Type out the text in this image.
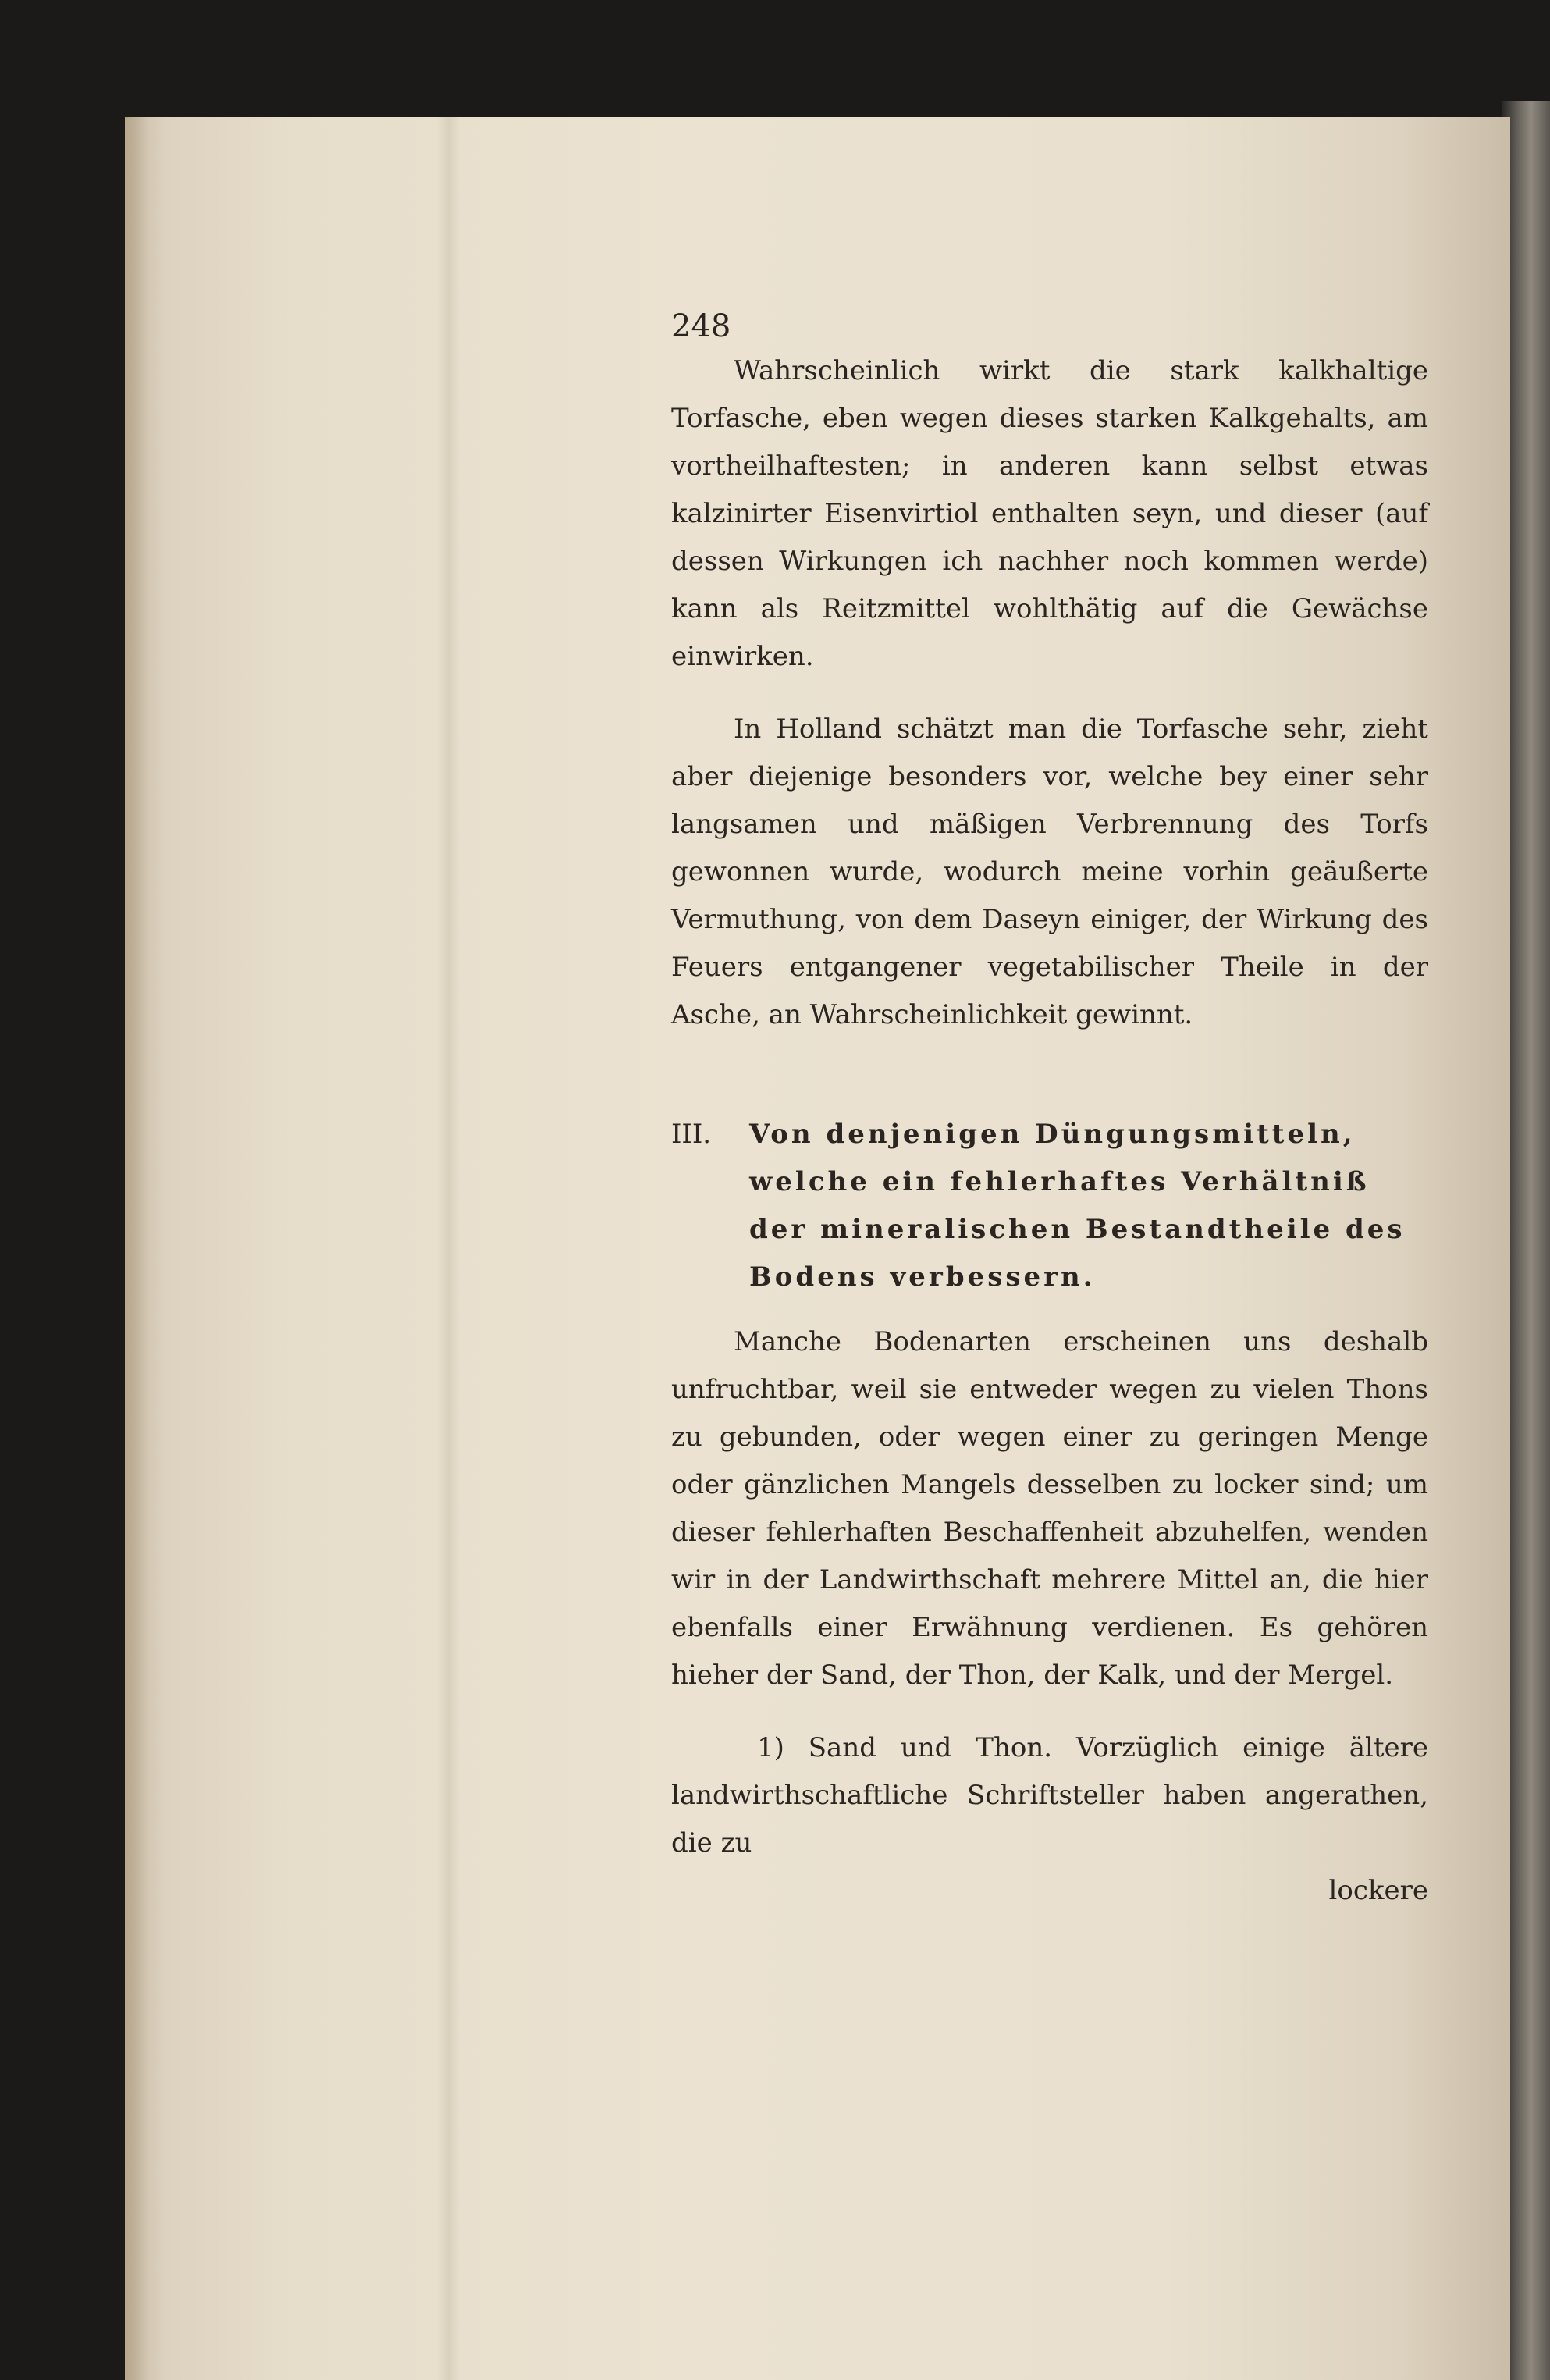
248

Wahrscheinlich wirkt die stark kalkhaltige Torfasche, eben wegen dieses starken Kalkgehalts, am vortheilhaftesten; in anderen kann selbst etwas kalzinirter Eisenvirtiol enthalten seyn, und dieser (auf dessen Wirkungen ich nachher noch kommen werde) kann als Reitzmittel wohlthätig auf die Gewächse einwirken.

In Holland schätzt man die Torfasche sehr, zieht aber diejenige besonders vor, welche bey einer sehr langsamen und mäßigen Verbrennung des Torfs gewonnen wurde, wodurch meine vorhin geäußerte Vermuthung, von dem Daseyn einiger, der Wirkung des Feuers entgangener vegetabilischer Theile in der Asche, an Wahrscheinlichkeit gewinnt.

III. Von denjenigen Düngungsmitteln, welche ein fehlerhaftes Verhältniß der mineralischen Bestandtheile des Bodens verbessern.

Manche Bodenarten erscheinen uns deshalb unfruchtbar, weil sie entweder wegen zu vielen Thons zu gebunden, oder wegen einer zu geringen Menge oder gänzlichen Mangels desselben zu locker sind; um dieser fehlerhaften Beschaffenheit abzuhelfen, wenden wir in der Landwirthschaft mehrere Mittel an, die hier ebenfalls einer Erwähnung verdienen. Es gehören hieher der Sand, der Thon, der Kalk, und der Mergel.

1) Sand und Thon. Vorzüglich einige ältere landwirthschaftliche Schriftsteller haben angerathen, die zu

lockere
